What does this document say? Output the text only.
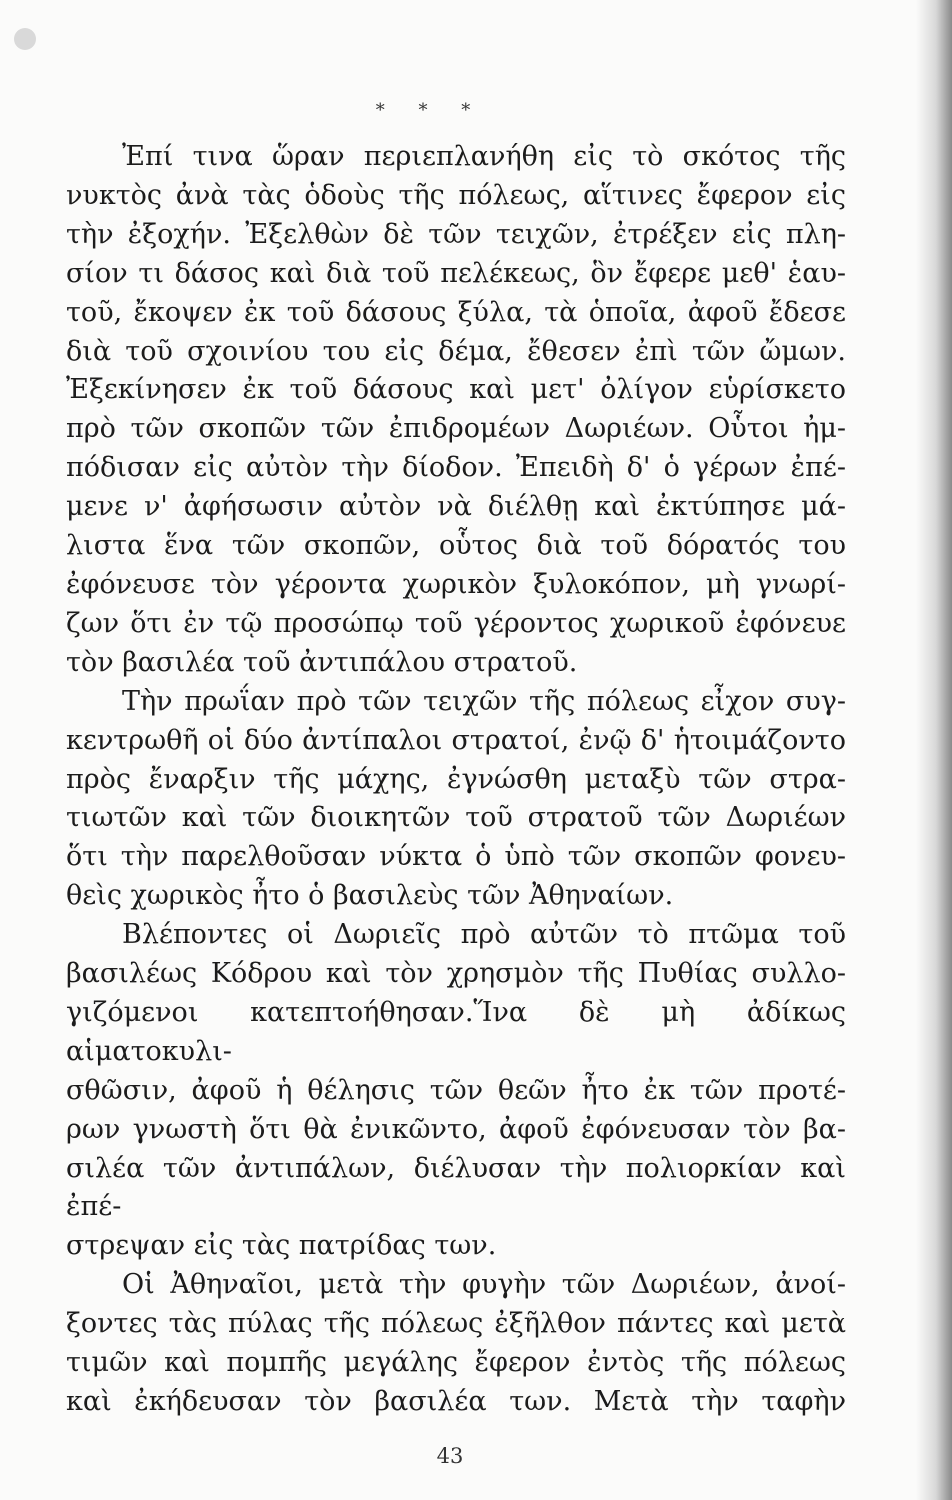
* * *

Ἐπί τινα ὥραν περιεπλανήθη εἰς τὸ σκότος τῆς

νυκτὸς ἀνὰ τὰς ὁδοὺς τῆς πόλεως, αἵτινες ἔφερον εἰς

τὴν ἐξοχήν. Ἐξελθὼν δὲ τῶν τειχῶν, ἐτρέξεν εἰς πλη-

σίον τι δάσος καὶ διὰ τοῦ πελέκεως, ὃν ἔφερε μεθ' ἑαυ-

τοῦ, ἔκοψεν ἐκ τοῦ δάσους ξύλα, τὰ ὁποῖα, ἀφοῦ ἔδεσε

διὰ τοῦ σχοινίου του εἰς δέμα, ἔθεσεν ἐπὶ τῶν ὤμων.

Ἐξεκίνησεν ἐκ τοῦ δάσους καὶ μετ' ὀλίγον εὑρίσκετο

πρὸ τῶν σκοπῶν τῶν ἐπιδρομέων Δωριέων. Οὗτοι ἠμ-

πόδισαν εἰς αὐτὸν τὴν δίοδον. Ἐπειδὴ δ' ὁ γέρων ἐπέ-

μενε ν' ἀφήσωσιν αὐτὸν νὰ διέλθῃ καὶ ἐκτύπησε μά-

λιστα ἕνα τῶν σκοπῶν, οὗτος διὰ τοῦ δόρατός του

ἐφόνευσε τὸν γέροντα χωρικὸν ξυλοκόπον, μὴ γνωρί-

ζων ὅτι ἐν τῷ προσώπῳ τοῦ γέροντος χωρικοῦ ἐφόνευε

τὸν βασιλέα τοῦ ἀντιπάλου στρατοῦ.

Τὴν πρωΐαν πρὸ τῶν τειχῶν τῆς πόλεως εἶχον συγ-

κεντρωθῆ οἱ δύο ἀντίπαλοι στρατοί, ἐνῷ δ' ἡτοιμάζοντο

πρὸς ἔναρξιν τῆς μάχης, ἐγνώσθη μεταξὺ τῶν στρα-

τιωτῶν καὶ τῶν διοικητῶν τοῦ στρατοῦ τῶν Δωριέων

ὅτι τὴν παρελθοῦσαν νύκτα ὁ ὑπὸ τῶν σκοπῶν φονευ-

θεὶς χωρικὸς ἦτο ὁ βασιλεὺς τῶν Ἀθηναίων.

Βλέποντες οἱ Δωριεῖς πρὸ αὐτῶν τὸ πτῶμα τοῦ

βασιλέως Κόδρου καὶ τὸν χρησμὸν τῆς Πυθίας συλλο-

γιζόμενοι κατεπτοήθησαν.Ἵνα δὲ μὴ ἀδίκως αἱματοκυλι-

σθῶσιν, ἀφοῦ ἡ θέλησις τῶν θεῶν ἦτο ἐκ τῶν προτέ-

ρων γνωστὴ ὅτι θὰ ἐνικῶντο, ἀφοῦ ἐφόνευσαν τὸν βα-

σιλέα τῶν ἀντιπάλων, διέλυσαν τὴν πολιορκίαν καὶ ἐπέ-

στρεψαν εἰς τὰς πατρίδας των.

Οἱ Ἀθηναῖοι, μετὰ τὴν φυγὴν τῶν Δωριέων, ἀνοί-

ξοντες τὰς πύλας τῆς πόλεως ἐξῆλθον πάντες καὶ μετὰ

τιμῶν καὶ πομπῆς μεγάλης ἔφερον ἐντὸς τῆς πόλεως

καὶ ἐκήδευσαν τὸν βασιλέα των. Μετὰ τὴν ταφὴν

43
